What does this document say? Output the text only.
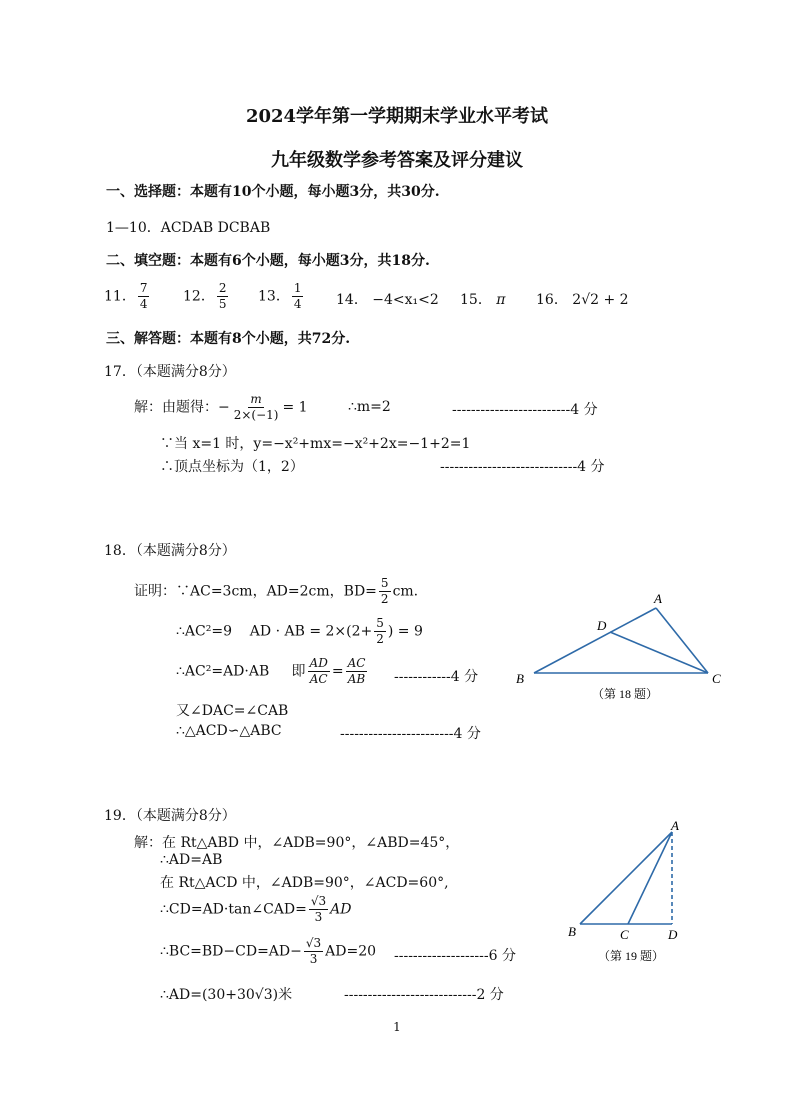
2024学年第一学期期末学业水平考试
九年级数学参考答案及评分建议
一、选择题：本题有10个小题，每小题3分，共30分.
1—10．ACDAB DCBAB
二、填空题：本题有6个小题，每小题3分，共18分.
11． $\frac{7}{4} 12$． $\frac{2}{5} 13$． $\frac{1}{4} 14$． −4<x₁<2 15． π 16． 2√2 + 2
三、解答题：本题有8个小题，共72分.
17．（本题满分8分）
解：由题得：− $\frac{m}{2\times(-1)} = 1$	∴m=2	-------------------------4 分
∵当 x=1 时，y=−x²+mx=−x²+2x=−1+2=1
∴顶点坐标为（1，2）	-----------------------------4 分
18．（本题满分8分）
证明：∵AC=3cm，AD=2cm，$BD= \frac{5}{2}$ cm.
∴AC²=9 AD · AB = $2\times(2+ \frac{5}{2}$ ) = 9
∴AC²=AD·AB 即 $\frac{AD}{AC} = \frac{AC}{AB} ------------4$ 分
又∠DAC=∠CAB
∴△ACD∽△ABC	------------------------4 分
A
B	C
D
（第 18 题）
19．（本题满分8分）
解：在 Rt△ABD 中，∠ADB=90°，∠ABD=45°，
∴AD=AB
在 Rt△ACD 中，∠ADB=90°，∠ACD=60°,
∴CD=AD·tan∠CAD= $\frac{√3}{3}$ AD
∴BC=BD−CD=AD− $\frac{√3}{3} AD=20$ --------------------6 分
∴AD=(30+30√3)米	----------------------------2 分
A
B	C	D
（第 19 题）
1
